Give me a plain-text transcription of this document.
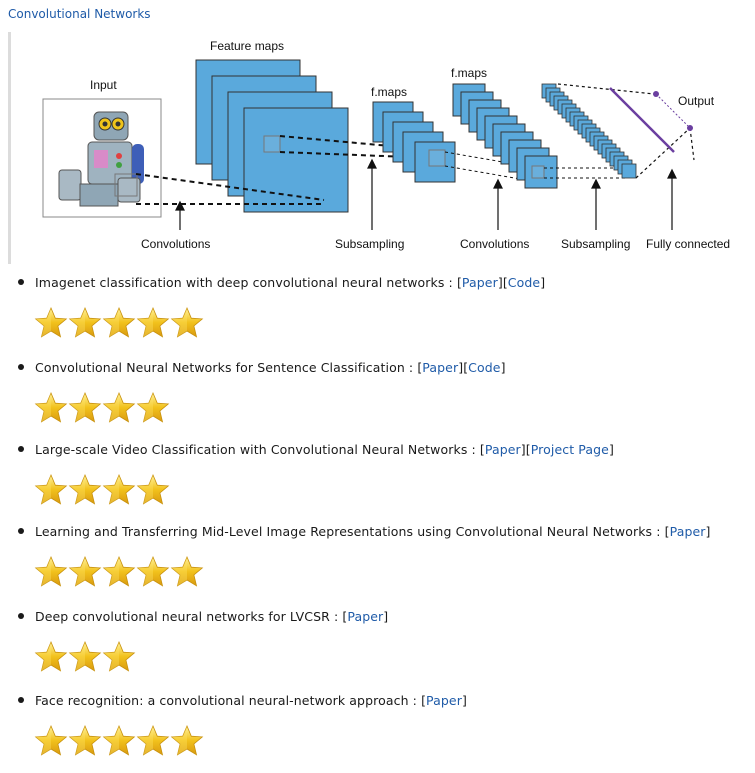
Convolutional Networks
Input
Feature maps
f.maps
f.maps
Output
Convolutions	Subsampling	Convolutions	Subsampling Fully connected
Imagenet classification with deep convolutional neural networks : [Paper][Code]
Convolutional Neural Networks for Sentence Classification : [Paper][Code]
Large-scale Video Classification with Convolutional Neural Networks : [Paper][Project Page]
Learning and Transferring Mid-Level Image Representations using Convolutional Neural Networks : [Paper]
Deep convolutional neural networks for LVCSR : [Paper]
Face recognition: a convolutional neural-network approach : [Paper]
